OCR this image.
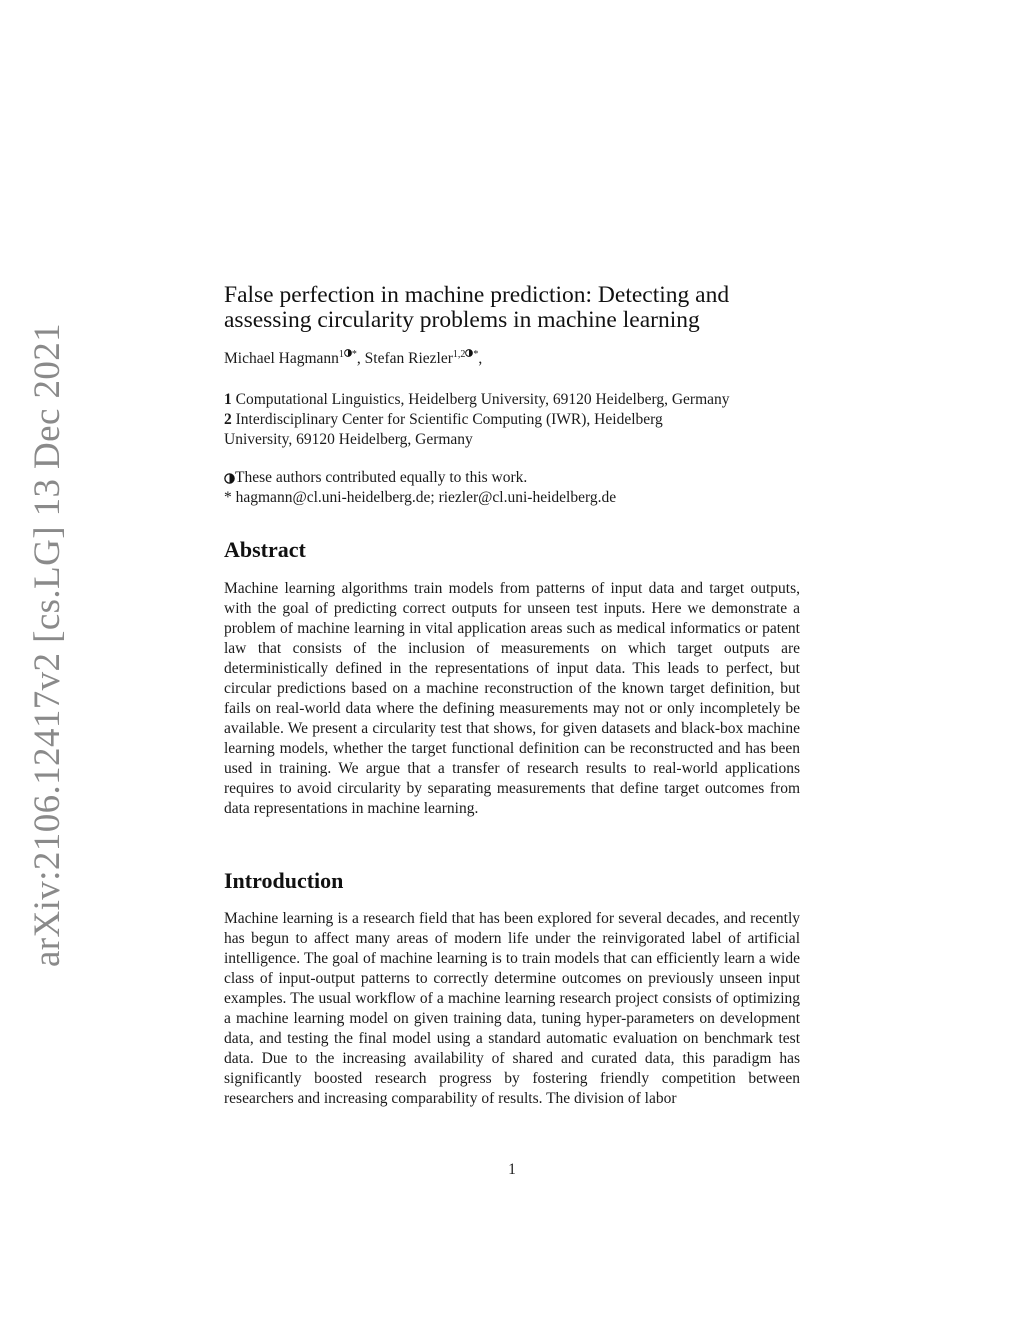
arXiv:2106.12417v2 [cs.LG] 13 Dec 2021
False perfection in machine prediction: Detecting and
assessing circularity problems in machine learning
Michael Hagmann$^{1 *}$, Stefan Riezler$^{1,2 *}$,
1 Computational Linguistics, Heidelberg University, 69120 Heidelberg, Germany
2 Interdisciplinary Center for Scientific Computing (IWR), Heidelberg
University, 69120 Heidelberg, Germany
These authors contributed equally to this work.
* hagmann@cl.uni-heidelberg.de; riezler@cl.uni-heidelberg.de
Abstract
Machine learning algorithms train models from patterns of input data and target outputs, with the goal of predicting correct outputs for unseen test inputs. Here we demonstrate a problem of machine learning in vital application areas such as medical informatics or patent law that consists of the inclusion of measurements on which target outputs are deterministically defined in the representations of input data. This leads to perfect, but circular predictions based on a machine reconstruction of the known target definition, but fails on real-world data where the defining measurements may not or only incompletely be available. We present a circularity test that shows, for given datasets and black-box machine learning models, whether the target functional definition can be reconstructed and has been used in training. We argue that a transfer of research results to real-world applications requires to avoid circularity by separating measurements that define target outcomes from data representations in machine learning.
Introduction
Machine learning is a research field that has been explored for several decades, and recently has begun to affect many areas of modern life under the reinvigorated label of artificial intelligence. The goal of machine learning is to train models that can efficiently learn a wide class of input-output patterns to correctly determine outcomes on previously unseen input examples. The usual workflow of a machine learning research project consists of optimizing a machine learning model on given training data, tuning hyper-parameters on development data, and testing the final model using a standard automatic evaluation on benchmark test data. Due to the increasing availability of shared and curated data, this paradigm has significantly boosted research progress by fostering friendly competition between researchers and increasing comparability of results. The division of labor
1
